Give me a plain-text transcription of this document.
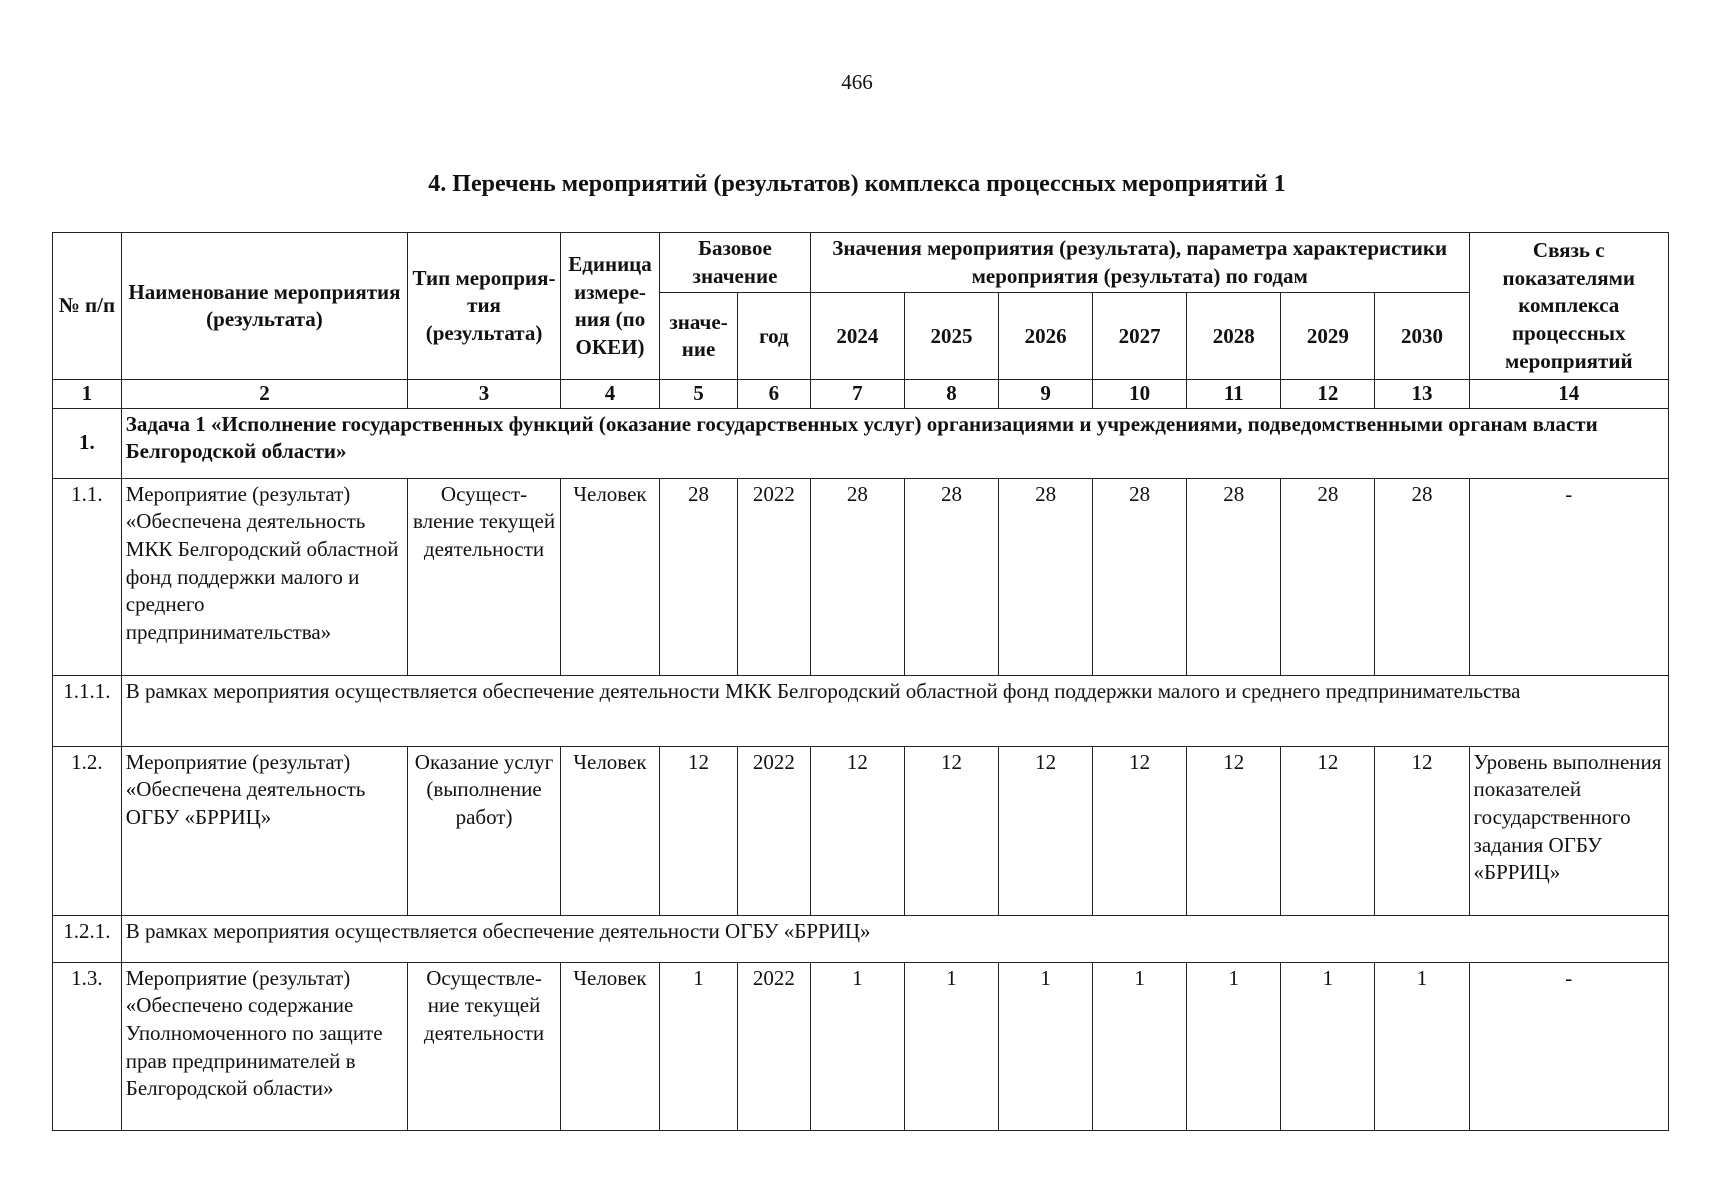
466
4. Перечень мероприятий (результатов) комплекса процессных мероприятий 1
№ п/п	Наименование мероприятия (результата)	Тип мероприя-тия (результата)	Единица измере-ния (по ОКЕИ)	Базовое значение		Значения мероприятия (результата), параметра характеристики мероприятия (результата) по годам							Связь с показателями комплекса процессных мероприятий
				значе-ние	год	2024	2025	2026	2027	2028	2029	2030	
1	2	3	4	5	6	7	8	9	10	11	12	13	14
1.	Задача 1 «Исполнение государственных функций (оказание государственных услуг) организациями и учреждениями, подведомственными органам власти Белгородской области»												
1.1.	Мероприятие (результат) «Обеспечена деятельность МКК Белгородский областной фонд поддержки малого и среднего предпринимательства»	Осущест-вление текущей деятельности	Человек	28	2022	28	28	28	28	28	28	28	-
1.1.1.	В рамках мероприятия осуществляется обеспечение деятельности МКК Белгородский областной фонд поддержки малого и среднего предпринимательства												
1.2.	Мероприятие (результат) «Обеспечена деятельность ОГБУ «БРРИЦ»	Оказание услуг (выполнение работ)	Человек	12	2022	12	12	12	12	12	12	12	Уровень выполнения показателей государственного задания ОГБУ «БРРИЦ»
1.2.1.	В рамках мероприятия осуществляется обеспечение деятельности ОГБУ «БРРИЦ»												
1.3.	Мероприятие (результат) «Обеспечено содержание Уполномоченного по защите прав предпринимателей в Белгородской области»	Осуществле-ние текущей деятельности	Человек	1	2022	1	1	1	1	1	1	1	-
